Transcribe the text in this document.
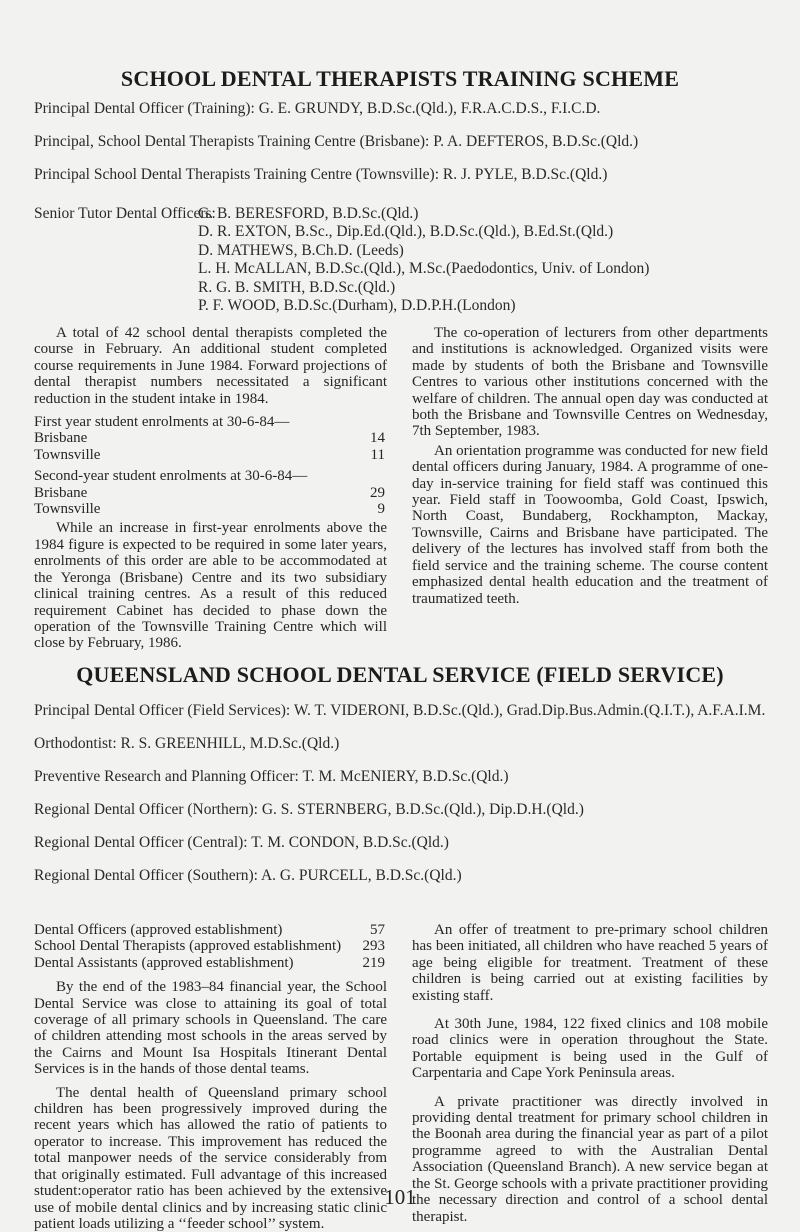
SCHOOL DENTAL THERAPISTS TRAINING SCHEME
Principal Dental Officer (Training): G. E. GRUNDY, B.D.Sc.(Qld.), F.R.A.C.D.S., F.I.C.D.
Principal, School Dental Therapists Training Centre (Brisbane): P. A. DEFTEROS, B.D.Sc.(Qld.)
Principal School Dental Therapists Training Centre (Townsville): R. J. PYLE, B.D.Sc.(Qld.)
Senior Tutor Dental Officers:
G. B. BERESFORD, B.D.Sc.(Qld.)
D. R. EXTON, B.Sc., Dip.Ed.(Qld.), B.D.Sc.(Qld.), B.Ed.St.(Qld.)
D. MATHEWS, B.Ch.D. (Leeds)
L. H. McALLAN, B.D.Sc.(Qld.), M.Sc.(Paedodontics, Univ. of London)
R. G. B. SMITH, B.D.Sc.(Qld.)
P. F. WOOD, B.D.Sc.(Durham), D.D.P.H.(London)

A total of 42 school dental therapists completed the course in February. An additional student completed course requirements in June 1984. Forward projections of dental therapist numbers necessitated a significant reduction in the student intake in 1984.

First year student enrolments at 30-6-84—
Brisbane	14
Townsville	11
Second-year student enrolments at 30-6-84—
Brisbane	29
Townsville	9

While an increase in first-year enrolments above the 1984 figure is expected to be required in some later years, enrolments of this order are able to be accommodated at the Yeronga (Brisbane) Centre and its two subsidiary clinical training centres. As a result of this reduced requirement Cabinet has decided to phase down the operation of the Townsville Training Centre which will close by February, 1986.

The co-operation of lecturers from other departments and institutions is acknowledged. Organized visits were made by students of both the Brisbane and Townsville Centres to various other institutions concerned with the welfare of children. The annual open day was conducted at both the Brisbane and Townsville Centres on Wednesday, 7th September, 1983.

An orientation programme was conducted for new field dental officers during January, 1984. A programme of one-day in-service training for field staff was continued this year. Field staff in Toowoomba, Gold Coast, Ipswich, North Coast, Bundaberg, Rockhampton, Mackay, Townsville, Cairns and Brisbane have participated. The delivery of the lectures has involved staff from both the field service and the training scheme. The course content emphasized dental health education and the treatment of traumatized teeth.

QUEENSLAND SCHOOL DENTAL SERVICE (FIELD SERVICE)
Principal Dental Officer (Field Services): W. T. VIDERONI, B.D.Sc.(Qld.), Grad.Dip.Bus.Admin.(Q.I.T.), A.F.A.I.M.
Orthodontist: R. S. GREENHILL, M.D.Sc.(Qld.)
Preventive Research and Planning Officer: T. M. McENIERY, B.D.Sc.(Qld.)
Regional Dental Officer (Northern): G. S. STERNBERG, B.D.Sc.(Qld.), Dip.D.H.(Qld.)
Regional Dental Officer (Central): T. M. CONDON, B.D.Sc.(Qld.)
Regional Dental Officer (Southern): A. G. PURCELL, B.D.Sc.(Qld.)
Dental Officers (approved establishment)	57
School Dental Therapists (approved establishment) 293
Dental Assistants (approved establishment)	219

By the end of the 1983–84 financial year, the School Dental Service was close to attaining its goal of total coverage of all primary schools in Queensland. The care of children attending most schools in the areas served by the Cairns and Mount Isa Hospitals Itinerant Dental Services is in the hands of those dental teams.

The dental health of Queensland primary school children has been progressively improved during the recent years which has allowed the ratio of patients to operator to increase. This improvement has reduced the total manpower needs of the service considerably from that originally estimated. Full advantage of this increased student:operator ratio has been achieved by the extensive use of mobile dental clinics and by increasing static clinic patient loads utilizing a ‘‘feeder school’’ system.

An offer of treatment to pre-primary school children has been initiated, all children who have reached 5 years of age being eligible for treatment. Treatment of these children is being carried out at existing facilities by existing staff.

At 30th June, 1984, 122 fixed clinics and 108 mobile road clinics were in operation throughout the State. Portable equipment is being used in the Gulf of Carpentaria and Cape York Peninsula areas.

A private practitioner was directly involved in providing dental treatment for primary school children in the Boonah area during the financial year as part of a pilot programme agreed to with the Australian Dental Association (Queensland Branch). A new service began at the St. George schools with a private practitioner providing the necessary direction and control of a school dental therapist.

101
